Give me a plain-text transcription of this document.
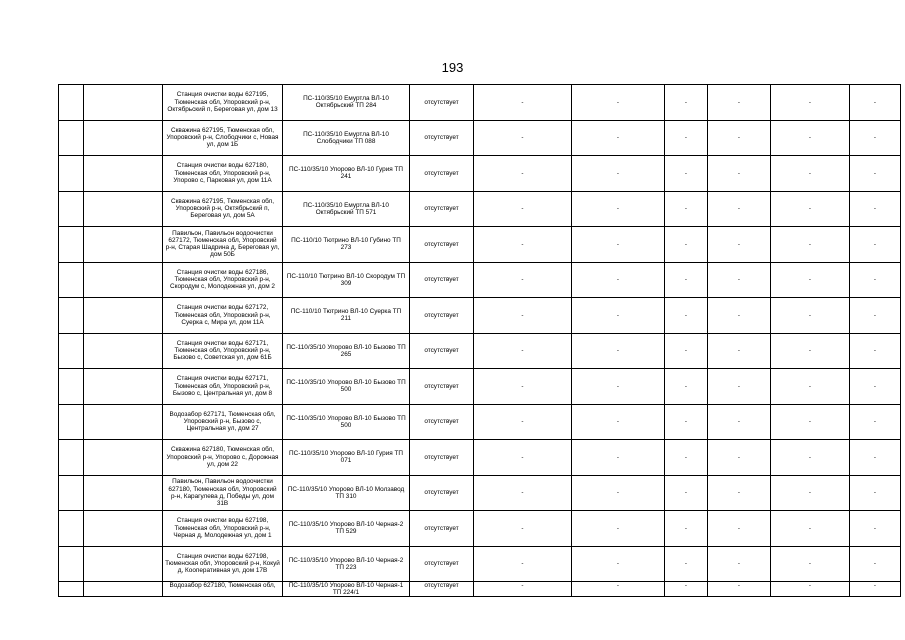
193
		Станция очистки воды 627195, Тюменская обл, Упоровский р-н, Октябрьский п, Береговая ул, дом 13	ПС-110/35/10 Емуртла ВЛ-10 Октябрьский ТП 284	отсутствует	-	-	-	-	-	-
		Скважина 627195, Тюменская обл, Упоровский р-н, Слободчики с, Новая ул, дом 1Б	ПС-110/35/10 Емуртла ВЛ-10 Слободчики ТП 088	отсутствует	-	-	-	-	-	-
		Станция очистки воды 627180, Тюменская обл, Упоровский р-н, Упорово с, Парковая ул, дом 11А	ПС-110/35/10 Упорово ВЛ-10 Гурия ТП 241	отсутствует	-	-	-	-	-	-
		Скважина 627195, Тюменская обл, Упоровский р-н, Октябрьский п, Береговая ул, дом 5А	ПС-110/35/10 Емуртла ВЛ-10 Октябрьский ТП 571	отсутствует	-	-	-	-	-	-
		Павильон, Павильон водоочистки 627172, Тюменская обл, Упоровский р-н, Старая Шадрина д, Береговая ул, дом 50Б	ПС-110/10 Тютрино ВЛ-10 Губино ТП 273	отсутствует	-	-	-	-	-	-
		Станция очистки воды 627186, Тюменская обл, Упоровский р-н, Скородум с, Молодежная ул, дом 2	ПС-110/10 Тютрино ВЛ-10 Скородум ТП 309	отсутствует	-	-	-	-	-	-
		Станция очистки воды 627172, Тюменская обл, Упоровский р-н, Суерка с, Мира ул, дом 11А	ПС-110/10 Тютрино ВЛ-10 Суерка ТП 211	отсутствует	-	-	-	-	-	-
		Станция очистки воды 627171, Тюменская обл, Упоровский р-н, Бызово с, Советская ул, дом 61Б	ПС-110/35/10 Упорово ВЛ-10 Бызово ТП 265	отсутствует	-	-	-	-	-	-
		Станция очистки воды 627171, Тюменская обл, Упоровский р-н, Бызово с, Центральная ул, дом 8	ПС-110/35/10 Упорово ВЛ-10 Бызово ТП 500	отсутствует	-	-	-	-	-	-
		Водозабор 627171, Тюменская обл, Упоровский р-н, Бызово с, Центральная ул, дом 27	ПС-110/35/10 Упорово ВЛ-10 Бызово ТП 500	отсутствует	-	-	-	-	-	-
		Скважина 627180, Тюменская обл, Упоровский р-н, Упорово с, Дорожная ул, дом 22	ПС-110/35/10 Упорово ВЛ-10 Гурия ТП 071	отсутствует	-	-	-	-	-	-
		Павильон, Павильон водоочистки 627180, Тюменская обл, Упоровский р-н, Карагулева д, Победы ул, дом 31В	ПС-110/35/10 Упорово ВЛ-10 Молзавод ТП 310	отсутствует	-	-	-	-	-	-
		Станция очистки воды 627198, Тюменская обл, Упоровский р-н, Черная д, Молодежная ул, дом 1	ПС-110/35/10 Упорово ВЛ-10 Черная-2 ТП 529	отсутствует	-	-	-	-	-	-
		Станция очистки воды 627198, Тюменская обл, Упоровский р-н, Кокуй д, Кооперативная ул, дом 17В	ПС-110/35/10 Упорово ВЛ-10 Черная-2 ТП 223	отсутствует	-	-	-	-	-	-
		Водозабор 627180, Тюменская обл,	ПС-110/35/10 Упорово ВЛ-10 Черная-1 ТП 224/1	отсутствует	-	-	-	-	-	-
